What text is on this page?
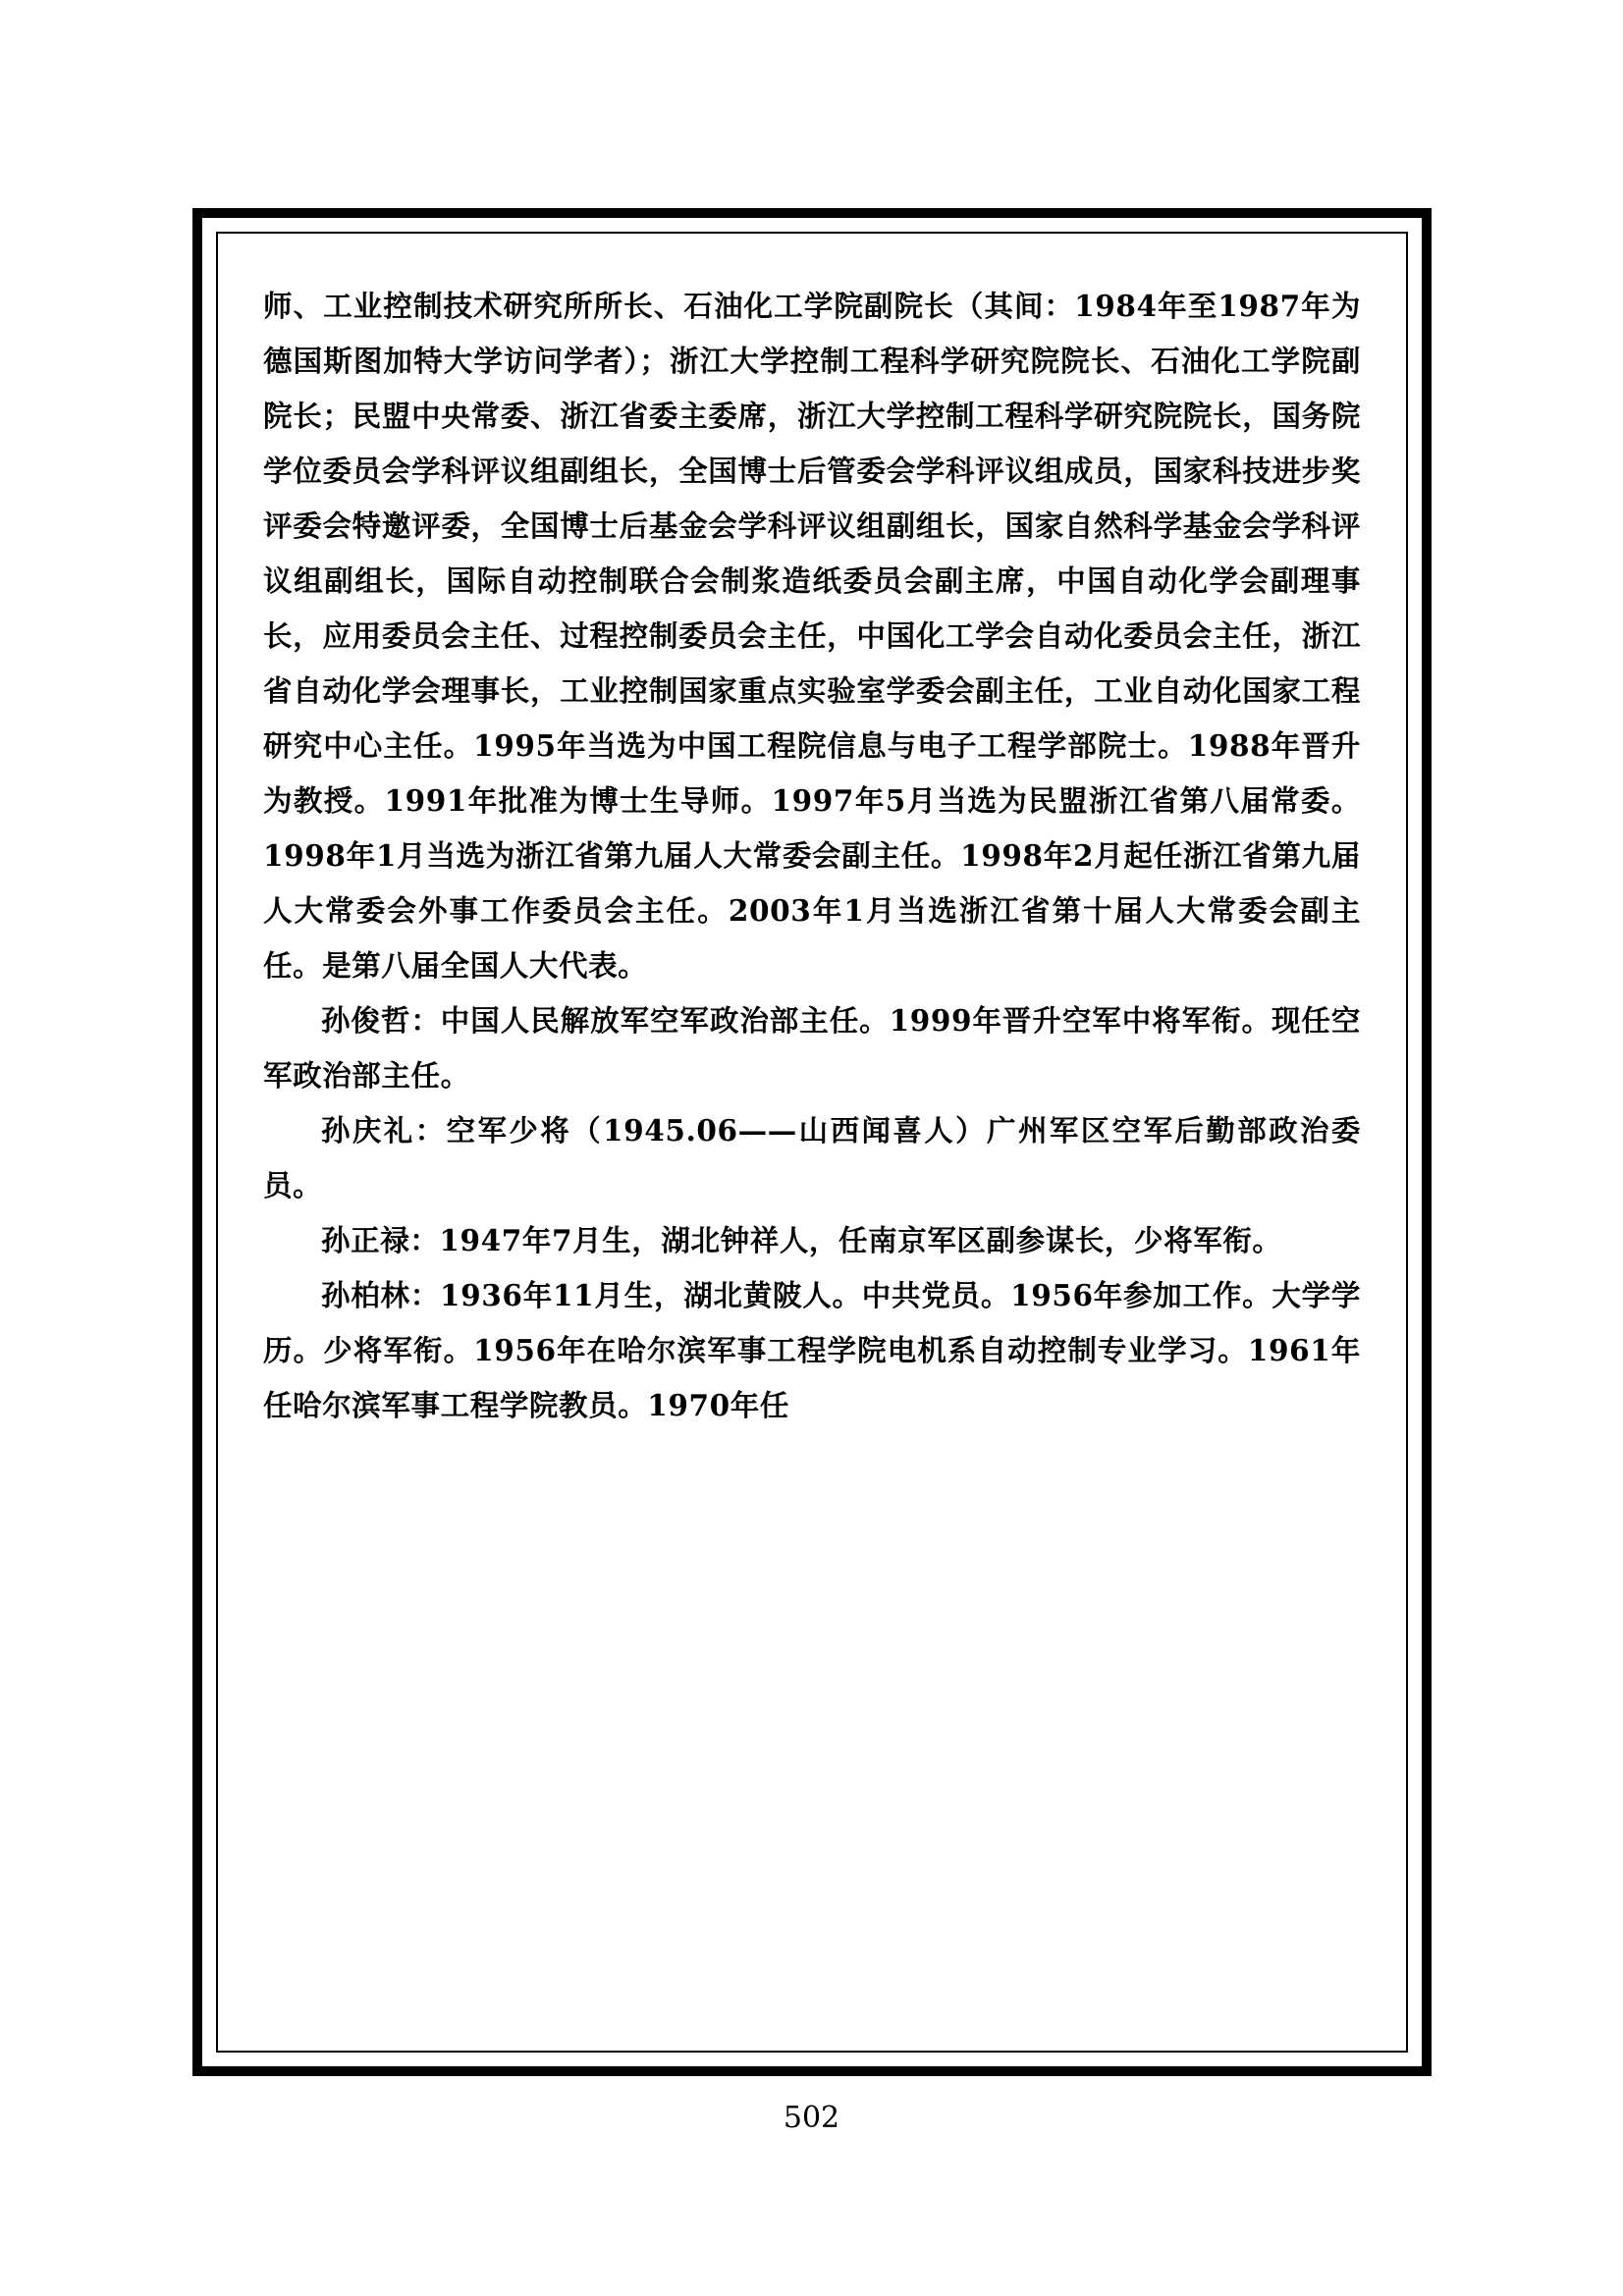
师、工业控制技术研究所所长、石油化工学院副院长（其间：1984年至1987年为德国斯图加特大学访问学者）；浙江大学控制工程科学研究院院长、石油化工学院副院长；民盟中央常委、浙江省委主委席，浙江大学控制工程科学研究院院长，国务院学位委员会学科评议组副组长，全国博士后管委会学科评议组成员，国家科技进步奖评委会特邀评委，全国博士后基金会学科评议组副组长，国家自然科学基金会学科评议组副组长，国际自动控制联合会制浆造纸委员会副主席，中国自动化学会副理事长，应用委员会主任、过程控制委员会主任，中国化工学会自动化委员会主任，浙江省自动化学会理事长，工业控制国家重点实验室学委会副主任，工业自动化国家工程研究中心主任。1995年当选为中国工程院信息与电子工程学部院士。1988年晋升为教授。1991年批准为博士生导师。1997年5月当选为民盟浙江省第八届常委。1998年1月当选为浙江省第九届人大常委会副主任。1998年2月起任浙江省第九届人大常委会外事工作委员会主任。2003年1月当选浙江省第十届人大常委会副主任。是第八届全国人大代表。

孙俊哲：中国人民解放军空军政治部主任。1999年晋升空军中将军衔。现任空军政治部主任。

孙庆礼：空军少将（1945.06——山西闻喜人）广州军区空军后勤部政治委员。

孙正禄：1947年7月生，湖北钟祥人，任南京军区副参谋长，少将军衔。

孙柏林：1936年11月生，湖北黄陂人。中共党员。1956年参加工作。大学学历。少将军衔。1956年在哈尔滨军事工程学院电机系自动控制专业学习。1961年任哈尔滨军事工程学院教员。1970年任

502
